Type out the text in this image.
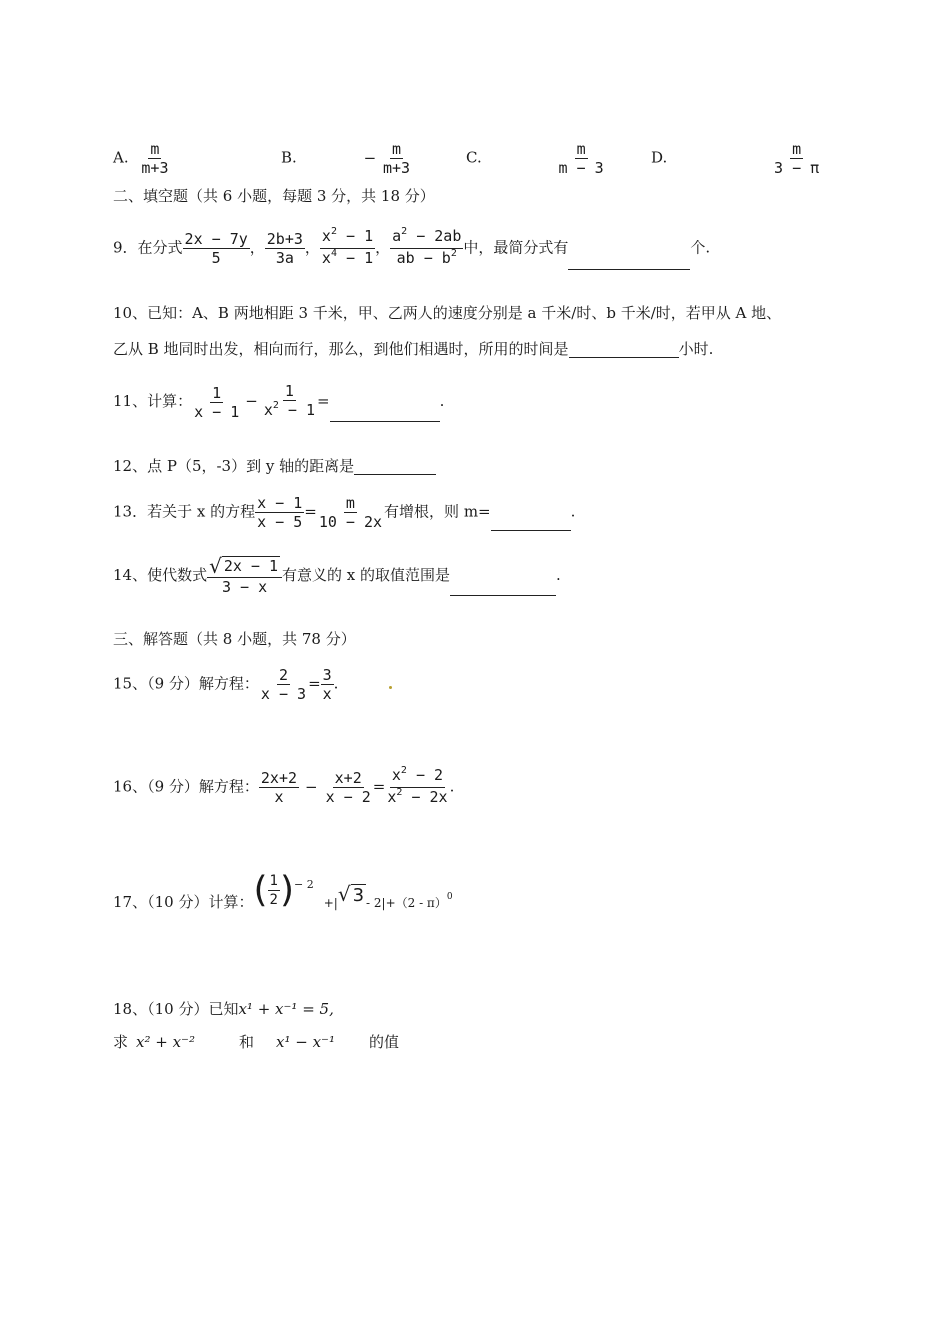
A. $\frac{m}{m+3}$	B.	− $\frac{m}{m+3}$	C.	$\frac{m}{m - 3}$	D.	$\frac{m}{3 - \pi}$
二、填空题（共 6 小题，每题 3 分，共 18 分）
9．在分式 $\frac{2x - 7y}{5}$ ， $\frac{2b+3}{3a}$ ， $\frac{x^2 - 1}{x^4 - 1}$ ， $\frac{a^2 - 2ab}{ab - b^2}$ 中，最简分式有	个.
10、已知：A、B 两地相距 3 千米，甲、乙两人的速度分别是 a 千米/时、b 千米/时，若甲从 A 地、
乙从 B 地同时出发，相向而行，那么，到他们相遇时，所用的时间是	小时.
11、计算： $\frac{1}{x - 1} - \frac{1}{x^2 - 1}$ =	.
12、点 P（5，-3）到 y 轴的距离是
13．若关于 x 的方程 $\frac{x - 1}{x - 5} = \frac{m}{10 - 2x}$ 有增根，则 m=	.
14、使代数式 $\frac{√ 2x - 1}{3 - x}$ 有意义的 x 的取值范围是	.
三、解答题（共 8 小题，共 78 分）
15、（9 分）解方程： $\frac{2}{x - 3} = \frac{3}{x}$ .
16、（9 分）解方程： $\frac{2x+2}{x} - \frac{x+2}{x - 2} = \frac{x^2 - 2}{x^2 - 2x}$ .
17、（10 分）计算：( $\frac{1}{2} )^{- 2}_{+|}√$ 3 $_{- 2|+(2 - \pi)0}$
18、（10 分）已知x¹ + x⁻¹ = 5,
求 x² + x⁻²	和 x¹ − x⁻¹ 的值
